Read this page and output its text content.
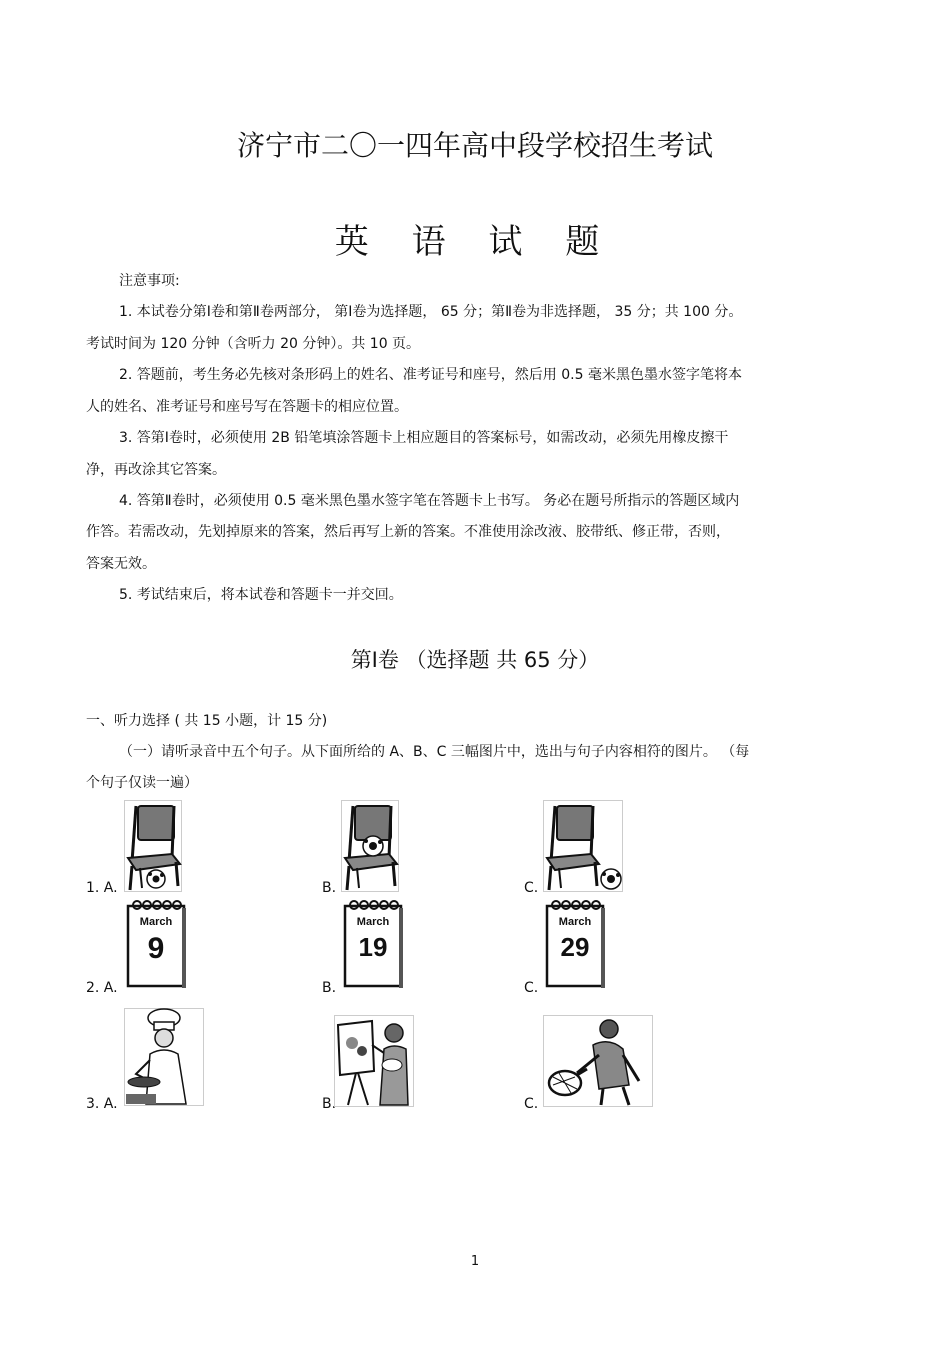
济宁市二〇一四年高中段学校招生考试
英 语 试 题
注意事项:
1. 本试卷分第Ⅰ卷和第Ⅱ卷两部分， 第Ⅰ卷为选择题， 65 分；第Ⅱ卷为非选择题， 35 分；共 100 分。
考试时间为 120 分钟（含听力 20 分钟）。共 10 页。
2. 答题前，考生务必先核对条形码上的姓名、准考证号和座号，然后用 0.5 毫米黑色墨水签字笔将本
人的姓名、准考证号和座号写在答题卡的相应位置。
3. 答第Ⅰ卷时，必须使用 2B 铅笔填涂答题卡上相应题目的答案标号，如需改动，必须先用橡皮擦干
净，再改涂其它答案。
4. 答第Ⅱ卷时，必须使用 0.5 毫米黑色墨水签字笔在答题卡上书写。 务必在题号所指示的答题区域内
作答。若需改动，先划掉原来的答案，然后再写上新的答案。不准使用涂改液、胶带纸、修正带，否则，
答案无效。
5. 考试结束后，将本试卷和答题卡一并交回。
第Ⅰ卷 （选择题 共 65 分）
一、听力选择 ( 共 15 小题，计 15 分)
（一）请听录音中五个句子。从下面所给的 A、B、C 三幅图片中，选出与句子内容相符的图片。 （每
个句子仅读一遍）
1. A.	B.	C.
2. A.	B.	C.
March
9
March
19
March
29
3. A.	B.	C.
1
